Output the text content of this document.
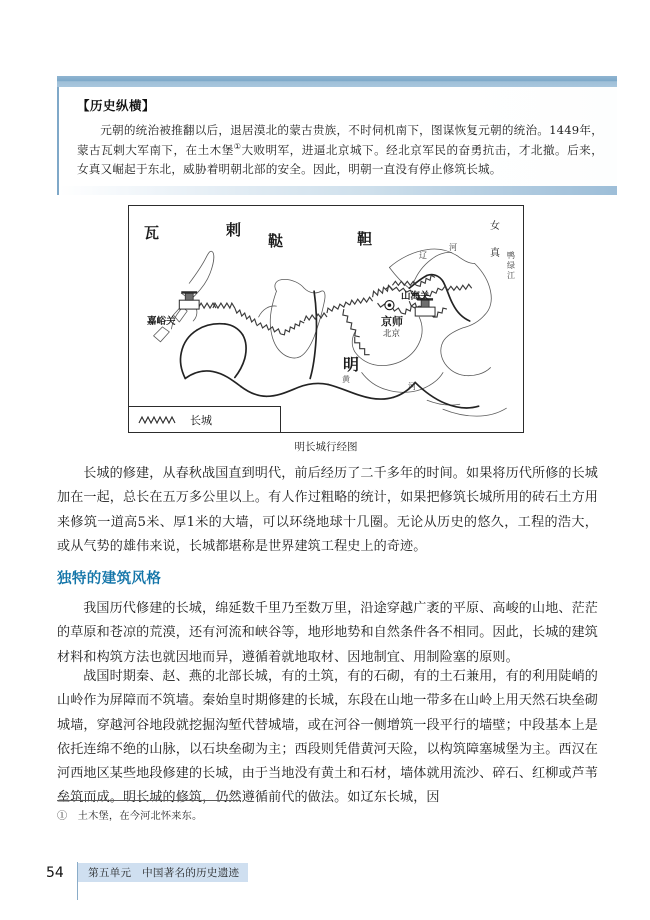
【历史纵横】

元朝的统治被推翻以后，退居漠北的蒙古贵族，不时伺机南下，图谋恢复元朝的统治。1449年，蒙古瓦剌大军南下，在土木堡①大败明军，进逼北京城下。经北京军民的奋勇抗击，才北撤。后来，女真又崛起于东北，威胁着明朝北部的安全。因此，明朝一直没有停止修筑长城。

瓦	剌
鞑	靼
女
真
明
嘉峪关
山海关
京师
北京
辽
河
鸭
绿
江
黄
河
长城
明长城行经图

长城的修建，从春秋战国直到明代，前后经历了二千多年的时间。如果将历代所修的长城加在一起，总长在五万多公里以上。有人作过粗略的统计，如果把修筑长城所用的砖石土方用来修筑一道高5米、厚1米的大墙，可以环绕地球十几圈。无论从历史的悠久，工程的浩大，或从气势的雄伟来说，长城都堪称是世界建筑工程史上的奇迹。

独特的建筑风格

我国历代修建的长城，绵延数千里乃至数万里，沿途穿越广袤的平原、高峻的山地、茫茫的草原和苍凉的荒漠，还有河流和峡谷等，地形地势和自然条件各不相同。因此，长城的建筑材料和构筑方法也就因地而异，遵循着就地取材、因地制宜、用制险塞的原则。

战国时期秦、赵、燕的北部长城，有的土筑，有的石砌，有的土石兼用，有的利用陡峭的山岭作为屏障而不筑墙。秦始皇时期修建的长城，东段在山地一带多在山岭上用天然石块垒砌城墙，穿越河谷地段就挖掘沟堑代替城墙，或在河谷一侧增筑一段平行的墙壁；中段基本上是依托连绵不绝的山脉，以石块垒砌为主；西段则凭借黄河天险，以构筑障塞城堡为主。西汉在河西地区某些地段修建的长城，由于当地没有黄土和石材，墙体就用流沙、碎石、红柳或芦苇垒筑而成。明长城的修筑，仍然遵循前代的做法。如辽东长城，因

①　土木堡，在今河北怀来东。
54	第五单元　中国著名的历史遗迹
